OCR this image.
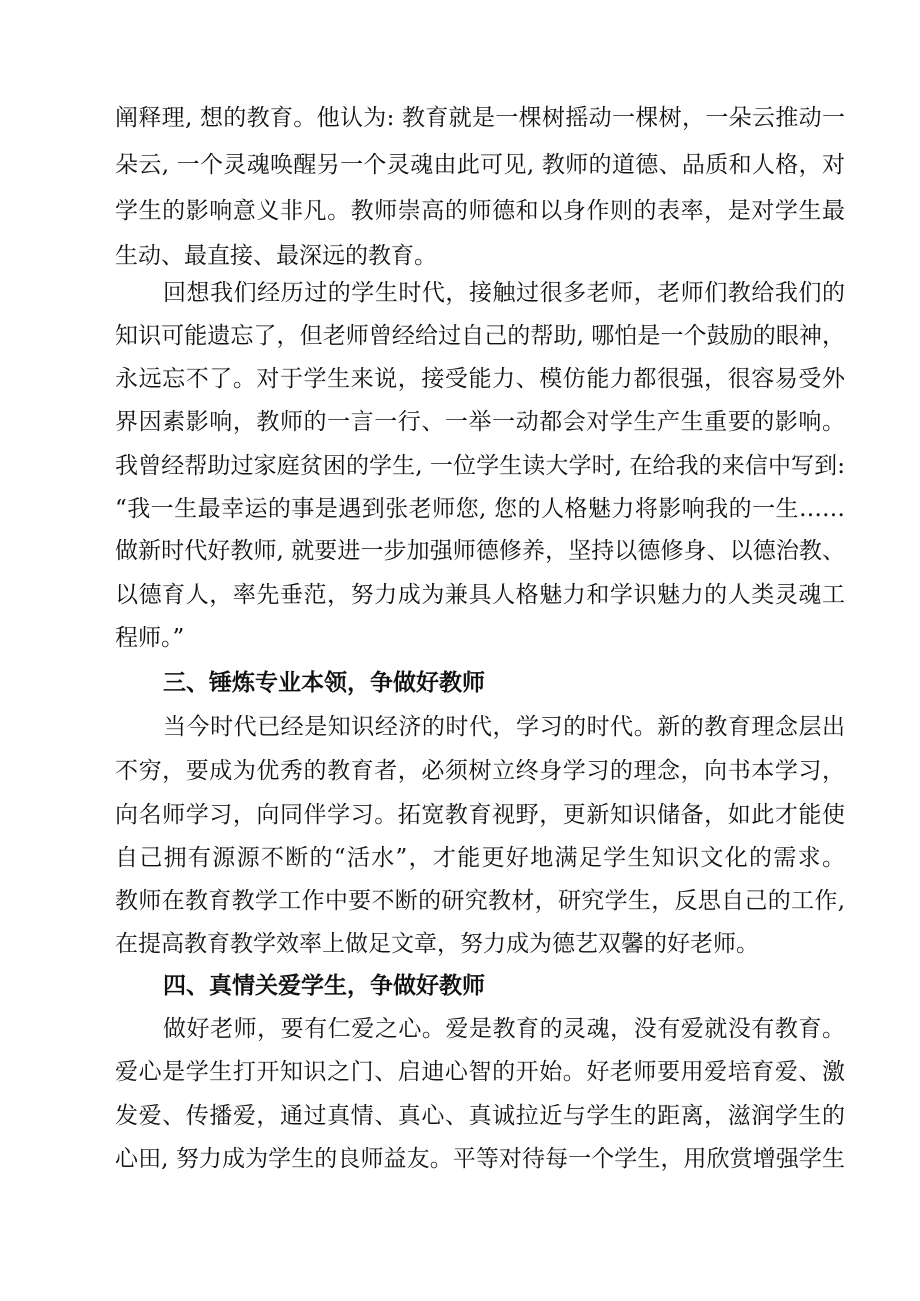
阐释理, 想的教育。他认为: 教育就是一棵树摇动一棵树，一朵云推动一
朵云, 一个灵魂唤醒另一个灵魂由此可见, 教师的道德、品质和人格，对
学生的影响意义非凡。教师崇高的师德和以身作则的表率，是对学生最
生动、最直接、最深远的教育。
回想我们经历过的学生时代，接触过很多老师，老师们教给我们的
知识可能遗忘了，但老师曾经给过自己的帮助, 哪怕是一个鼓励的眼神，
永远忘不了。对于学生来说，接受能力、模仿能力都很强，很容易受外
界因素影响，教师的一言一行、一举一动都会对学生产生重要的影响。
我曾经帮助过家庭贫困的学生, 一位学生读大学时, 在给我的来信中写到:
“我一生最幸运的事是遇到张老师您, 您的人格魅力将影响我的一生……
做新时代好教师, 就要进一步加强师德修养，坚持以德修身、以德治教、
以德育人，率先垂范，努力成为兼具人格魅力和学识魅力的人类灵魂工
程师。”
三、锤炼专业本领，争做好教师
当今时代已经是知识经济的时代，学习的时代。新的教育理念层出
不穷，要成为优秀的教育者，必须树立终身学习的理念，向书本学习，
向名师学习，向同伴学习。拓宽教育视野，更新知识储备，如此才能使
自己拥有源源不断的“活水”，才能更好地满足学生知识文化的需求。
教师在教育教学工作中要不断的研究教材，研究学生，反思自己的工作,
在提高教育教学效率上做足文章，努力成为德艺双馨的好老师。
四、真情关爱学生，争做好教师
做好老师，要有仁爱之心。爱是教育的灵魂，没有爱就没有教育。
爱心是学生打开知识之门、启迪心智的开始。好老师要用爱培育爱、激
发爱、传播爱，通过真情、真心、真诚拉近与学生的距离，滋润学生的
心田, 努力成为学生的良师益友。平等对待每一个学生，用欣赏增强学生
